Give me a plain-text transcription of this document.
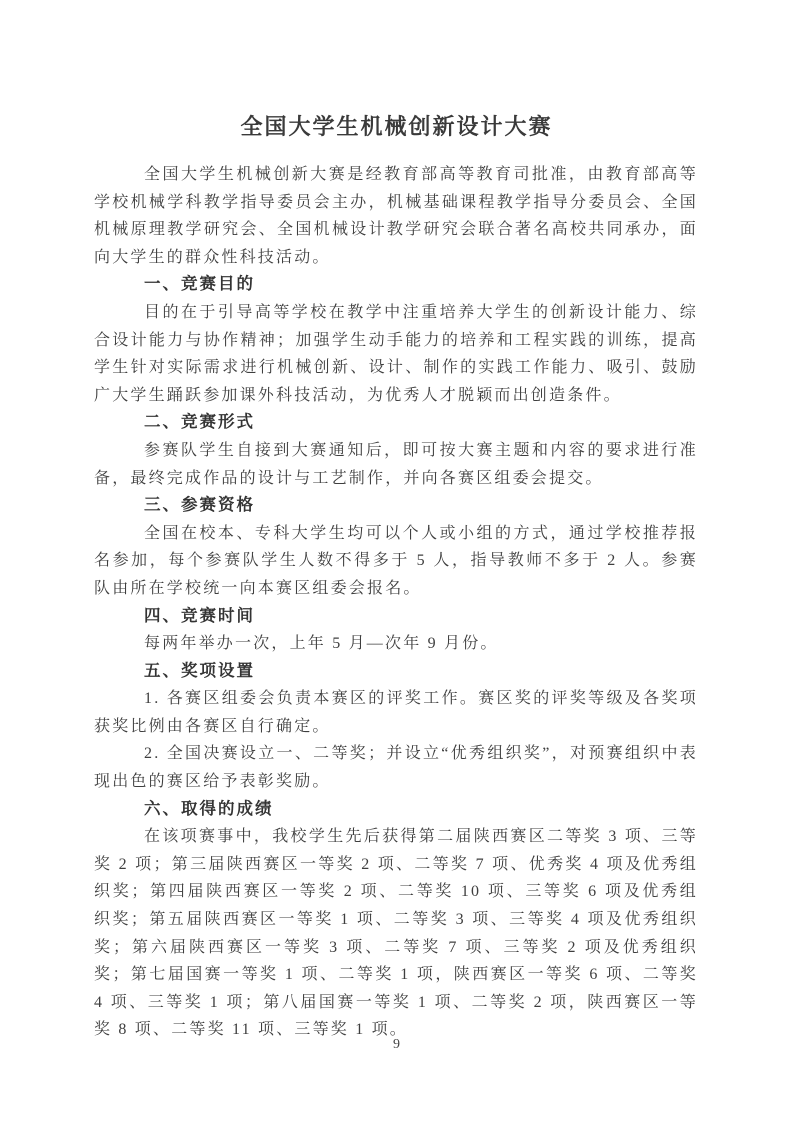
全国大学生机械创新设计大赛

全国大学生机械创新大赛是经教育部高等教育司批准，由教育部高等学校机械学科教学指导委员会主办，机械基础课程教学指导分委员会、全国机械原理教学研究会、全国机械设计教学研究会联合著名高校共同承办，面向大学生的群众性科技活动。

一、竞赛目的

目的在于引导高等学校在教学中注重培养大学生的创新设计能力、综合设计能力与协作精神；加强学生动手能力的培养和工程实践的训练，提高学生针对实际需求进行机械创新、设计、制作的实践工作能力、吸引、鼓励广大学生踊跃参加课外科技活动，为优秀人才脱颖而出创造条件。

二、竞赛形式

参赛队学生自接到大赛通知后，即可按大赛主题和内容的要求进行准备，最终完成作品的设计与工艺制作，并向各赛区组委会提交。

三、参赛资格

全国在校本、专科大学生均可以个人或小组的方式，通过学校推荐报名参加，每个参赛队学生人数不得多于 5 人，指导教师不多于 2 人。参赛队由所在学校统一向本赛区组委会报名。

四、竞赛时间

每两年举办一次，上年 5 月—次年 9 月份。

五、奖项设置

1. 各赛区组委会负责本赛区的评奖工作。赛区奖的评奖等级及各奖项获奖比例由各赛区自行确定。

2. 全国决赛设立一、二等奖；并设立“优秀组织奖”，对预赛组织中表现出色的赛区给予表彰奖励。

六、取得的成绩

在该项赛事中，我校学生先后获得第二届陕西赛区二等奖 3 项、三等奖 2 项；第三届陕西赛区一等奖 2 项、二等奖 7 项、优秀奖 4 项及优秀组织奖；第四届陕西赛区一等奖 2 项、二等奖 10 项、三等奖 6 项及优秀组织奖；第五届陕西赛区一等奖 1 项、二等奖 3 项、三等奖 4 项及优秀组织奖；第六届陕西赛区一等奖 3 项、二等奖 7 项、三等奖 2 项及优秀组织奖；第七届国赛一等奖 1 项、二等奖 1 项，陕西赛区一等奖 6 项、二等奖 4 项、三等奖 1 项；第八届国赛一等奖 1 项、二等奖 2 项，陕西赛区一等奖 8 项、二等奖 11 项、三等奖 1 项。

9
